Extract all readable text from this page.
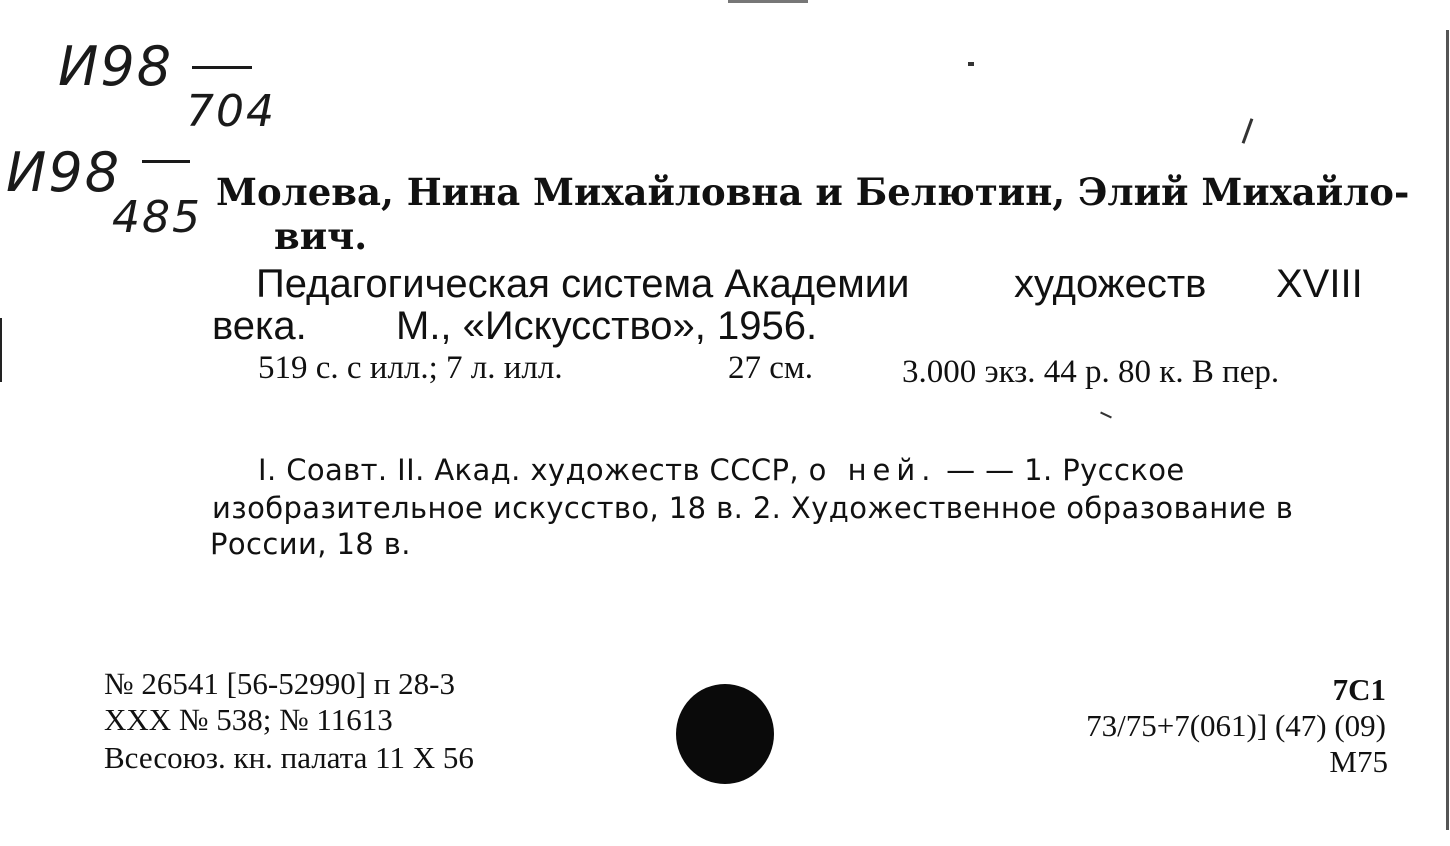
И98
704
И98
485 Молева, Нина Михайловна и Белютин, Элий Михайло-
вич.
Педагогическая система Академии	художеств XVIII
века. М., «Искусство», 1956.
519 с. с илл.; 7 л. илл.	27 см.	3.000 экз. 44 р. 80 к. В пер.
I. Соавт. II. Акад. художеств СССР, о ней. — — 1. Русское
изобразительное искусство, 18 в. 2. Художественное образование в
России, 18 в.
№ 26541 [56-52990] п 28-3
XXX № 538; № 11613
Всесоюз. кн. палата 11 X 56
7С1
73/75+7(061)] (47) (09)
М75
